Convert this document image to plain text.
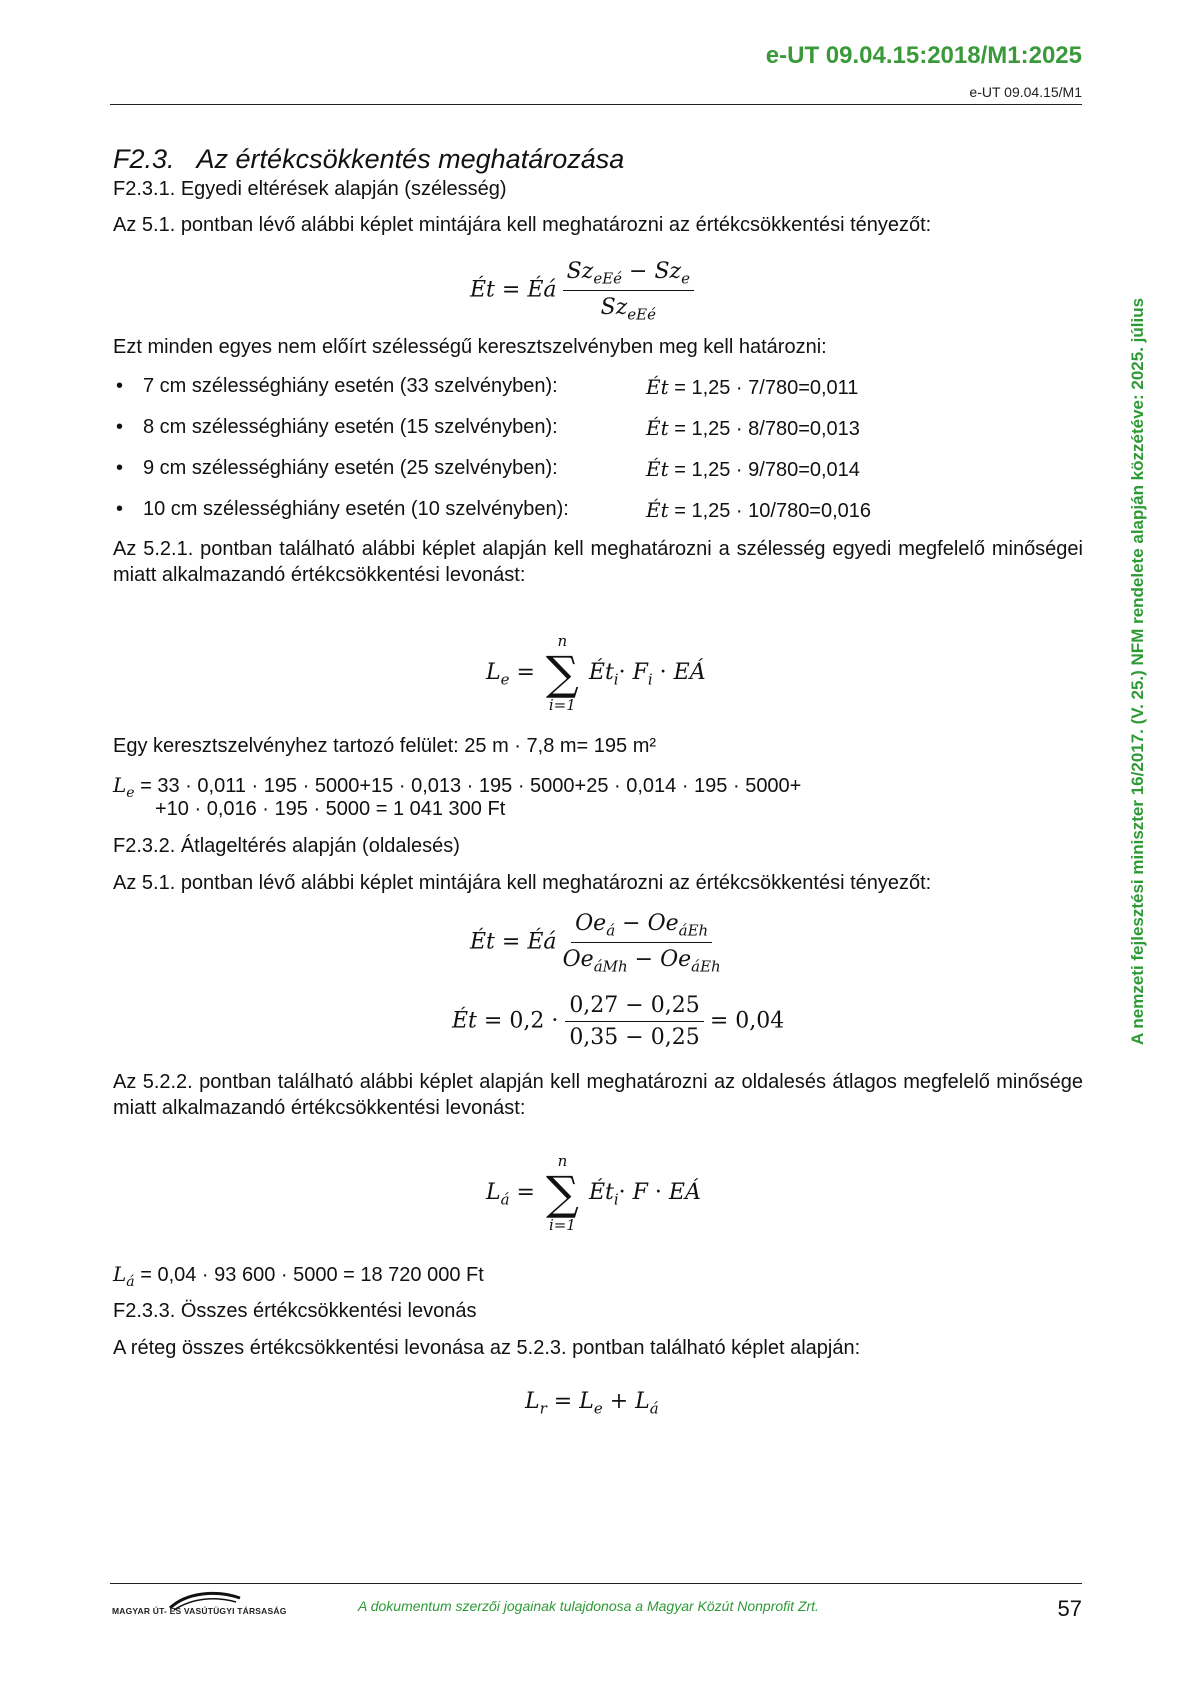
e-UT 09.04.15:2018/M1:2025
e-UT 09.04.15/M1
A nemzeti fejlesztési miniszter 16/2017. (V. 25.) NFM rendelete alapján közzétéve: 2025. július
F2.3. Az értékcsökkentés meghatározása
F2.3.1. Egyedi eltérések alapján (szélesség)
Az 5.1. pontban lévő alábbi képlet mintájára kell meghatározni az értékcsökkentési tényezőt:
Ét = Éá $\frac{Sz_{eEé} - Sz_e}{Sz_{eEé}}$
Ezt minden egyes nem előírt szélességű keresztszelvényben meg kell határozni:
• 7 cm szélességhiány esetén (33 szelvényben):	Ét = 1,25 · 7/780=0,011
• 8 cm szélességhiány esetén (15 szelvényben):	Ét = 1,25 · 8/780=0,013
• 9 cm szélességhiány esetén (25 szelvényben):	Ét = 1,25 · 9/780=0,014
• 10 cm szélességhiány esetén (10 szelvényben):	Ét = 1,25 · 10/780=0,016
Az 5.2.1. pontban található alábbi képlet alapján kell meghatározni a szélesség egyedi megfelelő minőségei miatt alkalmazandó értékcsökkentési levonást:
$L_e$ =
n
∑
i=1
$Ét_i\cdot F_i$ · EÁ
Egy keresztszelvényhez tartozó felület: 25 m · 7,8 m= 195 m²
$L_e = 33 \cdot 0,011 \cdot 195 \cdot 5000+15 \cdot 0,013 \cdot 195 \cdot 5000+25 \cdot 0,014 \cdot 195 \cdot 5000+$
+10 · 0,016 · 195 · 5000 = 1 041 300 Ft
F2.3.2. Átlageltérés alapján (oldalesés)
Az 5.1. pontban lévő alábbi képlet mintájára kell meghatározni az értékcsökkentési tényezőt:
Ét = Éá $\frac{Oe_á - Oe_{áEh}}{Oe_{áMh} - Oe_{áEh}}$
Ét = $0,2 \cdot \frac{0,27 - 0,25}{0,35 - 0,25} = 0,04$
Az 5.2.2. pontban található alábbi képlet alapján kell meghatározni az oldalesés átlagos megfelelő minősége miatt alkalmazandó értékcsökkentési levonást:
$L_á$ =
n
∑
i=1
$Ét_i\cdot F$ · EÁ
$L_á = 0,04 \cdot 93$ 600 · 5000 = 18 720 000 Ft
F2.3.3. Összes értékcsökkentési levonás
A réteg összes értékcsökkentési levonása az 5.2.3. pontban található képlet alapján:
$L_r = L_e + L_á$
MAGYAR ÚT- ÉS VASÚTÜGYI TÁRSASÁG	A dokumentum szerzői jogainak tulajdonosa a Magyar Közút Nonprofit Zrt.	57
